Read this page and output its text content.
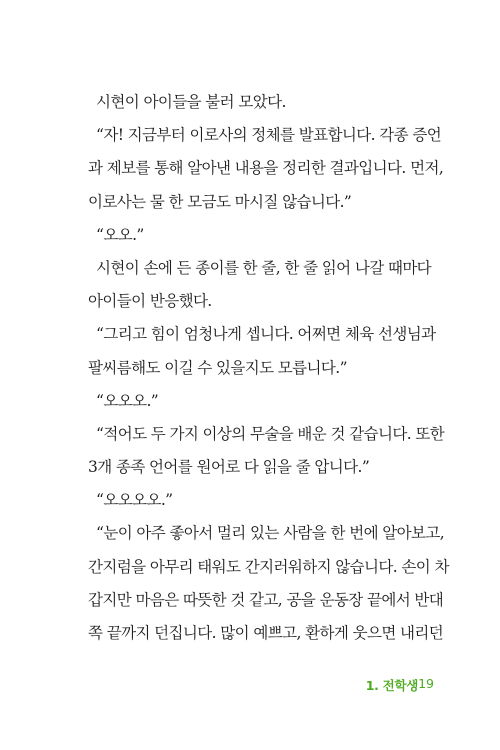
시현이 아이들을 불러 모았다.
“자! 지금부터 이로사의 정체를 발표합니다. 각종 증언
과 제보를 통해 알아낸 내용을 정리한 결과입니다. 먼저,
이로사는 물 한 모금도 마시질 않습니다.”
“오오.”
시현이 손에 든 종이를 한 줄, 한 줄 읽어 나갈 때마다
아이들이 반응했다.
“그리고 힘이 엄청나게 셉니다. 어쩌면 체육 선생님과
팔씨름해도 이길 수 있을지도 모릅니다.”
“오오오.”
“적어도 두 가지 이상의 무술을 배운 것 같습니다. 또한
3개 종족 언어를 원어로 다 읽을 줄 압니다.”
“오오오오.”
“눈이 아주 좋아서 멀리 있는 사람을 한 번에 알아보고,
간지럼을 아무리 태워도 간지러워하지 않습니다. 손이 차
갑지만 마음은 따뜻한 것 같고, 공을 운동장 끝에서 반대
쪽 끝까지 던집니다. 많이 예쁘고, 환하게 웃으면 내리던
1. 전학생 19
